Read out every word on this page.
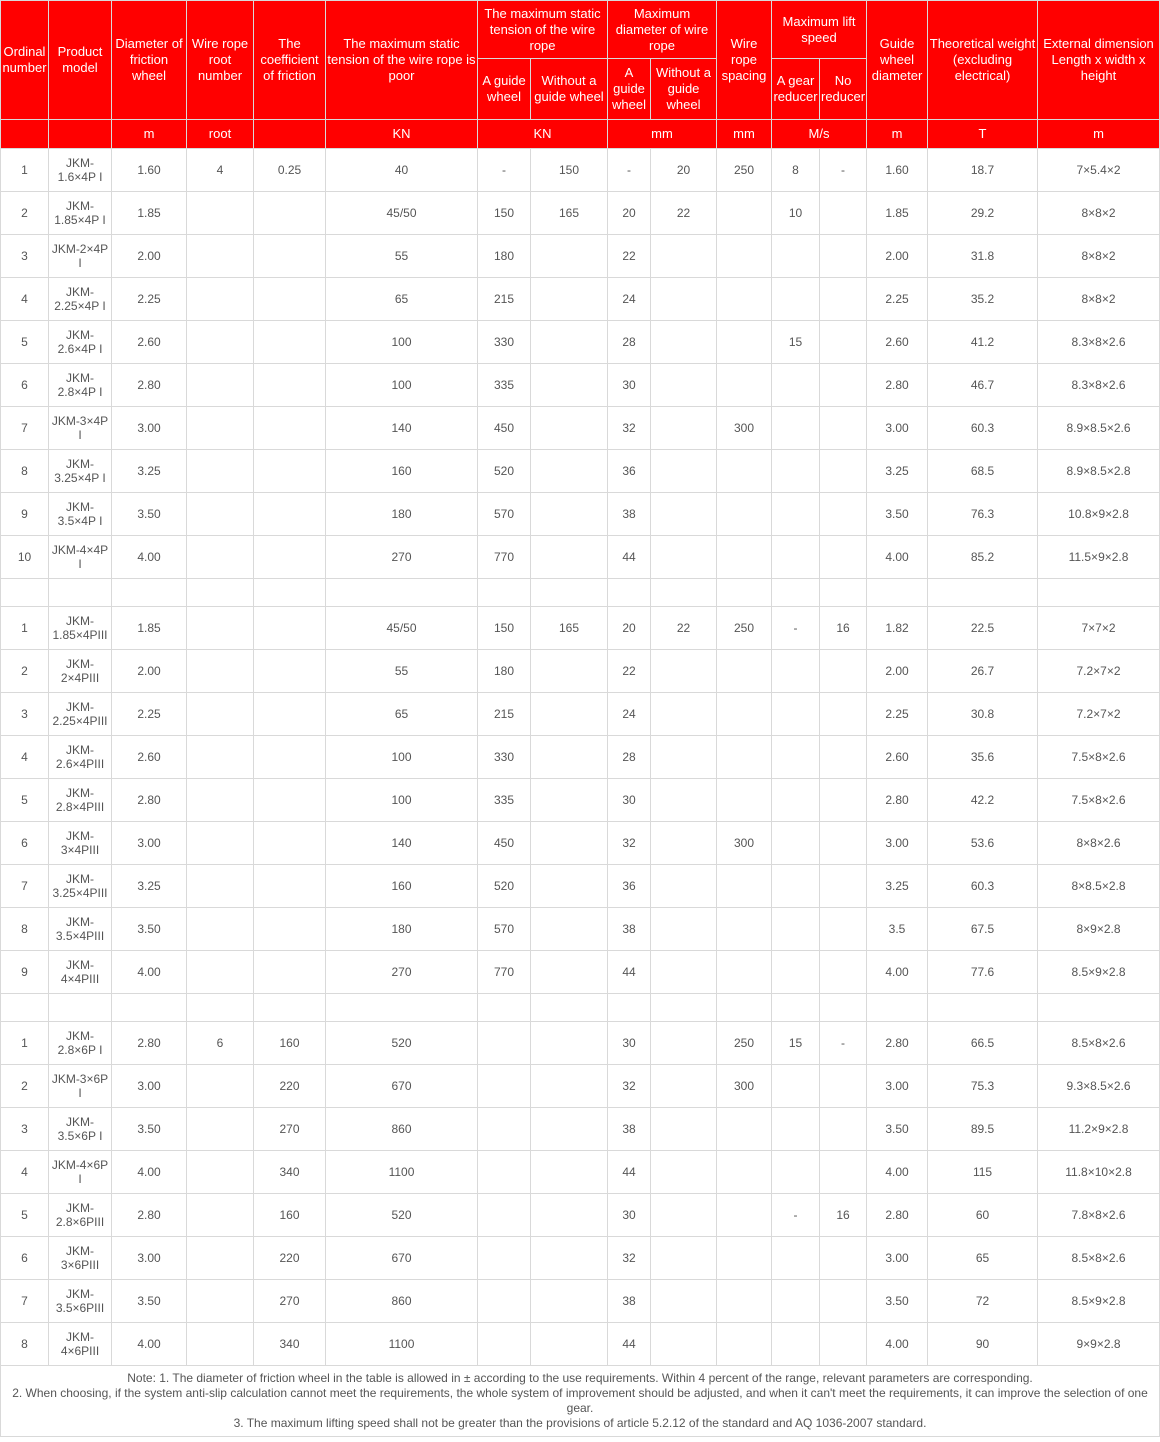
Ordinal number	Product model	Diameter of friction wheel	Wire rope root number	The coefficient of friction	The maximum static tension of the wire rope is poor	The maximum static tension of the wire rope		Maximum diameter of wire rope		Wire rope spacing	Maximum lift speed		Guide wheel diameter	Theoretical weight (excluding electrical)	External dimension Length x width x height
						A guide wheel	Without a guide wheel	A guide wheel	Without a guide wheel		A gear reducer	No reducer			
		m	root		KN	KN		mm		mm	M/s		m	T	m
1	JKM-1.6×4P I	1.60	4	0.25	40	-	150	-	20	250	8	-	1.60	18.7	7×5.4×2
2	JKM-1.85×4P I	1.85			45/50	150	165	20	22		10		1.85	29.2	8×8×2
3	JKM-2×4P I	2.00			55	180		22					2.00	31.8	8×8×2
4	JKM-2.25×4P I	2.25			65	215		24					2.25	35.2	8×8×2
5	JKM-2.6×4P I	2.60			100	330		28			15		2.60	41.2	8.3×8×2.6
6	JKM-2.8×4P I	2.80			100	335		30					2.80	46.7	8.3×8×2.6
7	JKM-3×4P I	3.00			140	450		32		300			3.00	60.3	8.9×8.5×2.6
8	JKM-3.25×4P I	3.25			160	520		36					3.25	68.5	8.9×8.5×2.8
9	JKM-3.5×4P I	3.50			180	570		38					3.50	76.3	10.8×9×2.8
10	JKM-4×4P I	4.00			270	770		44					4.00	85.2	11.5×9×2.8

1	JKM-1.85×4PIII	1.85			45/50	150	165	20	22	250	-	16	1.82	22.5	7×7×2
2	JKM-2×4PIII	2.00			55	180		22					2.00	26.7	7.2×7×2
3	JKM-2.25×4PIII	2.25			65	215		24					2.25	30.8	7.2×7×2
4	JKM-2.6×4PIII	2.60			100	330		28					2.60	35.6	7.5×8×2.6
5	JKM-2.8×4PIII	2.80			100	335		30					2.80	42.2	7.5×8×2.6
6	JKM-3×4PIII	3.00			140	450		32		300			3.00	53.6	8×8×2.6
7	JKM-3.25×4PIII	3.25			160	520		36					3.25	60.3	8×8.5×2.8
8	JKM-3.5×4PIII	3.50			180	570		38					3.5	67.5	8×9×2.8
9	JKM-4×4PIII	4.00			270	770		44					4.00	77.6	8.5×9×2.8

1	JKM-2.8×6P I	2.80	6	160	520			30		250	15	-	2.80	66.5	8.5×8×2.6
2	JKM-3×6P I	3.00		220	670			32		300			3.00	75.3	9.3×8.5×2.6
3	JKM-3.5×6P I	3.50		270	860			38					3.50	89.5	11.2×9×2.8
4	JKM-4×6P I	4.00		340	1100			44					4.00	115	11.8×10×2.8
5	JKM-2.8×6PIII	2.80		160	520			30			-	16	2.80	60	7.8×8×2.6
6	JKM-3×6PIII	3.00		220	670			32					3.00	65	8.5×8×2.6
7	JKM-3.5×6PIII	3.50		270	860			38					3.50	72	8.5×9×2.8
8	JKM-4×6PIII	4.00		340	1100			44					4.00	90	9×9×2.8

Note: 1. The diameter of friction wheel in the table is allowed in ± according to the use requirements. Within 4 percent of the range, relevant parameters are corresponding.
2. When choosing, if the system anti-slip calculation cannot meet the requirements, the whole system of improvement should be adjusted, and when it can't meet the requirements, it can improve the selection of one gear.
3. The maximum lifting speed shall not be greater than the provisions of article 5.2.12 of the standard and AQ 1036-2007 standard.															
